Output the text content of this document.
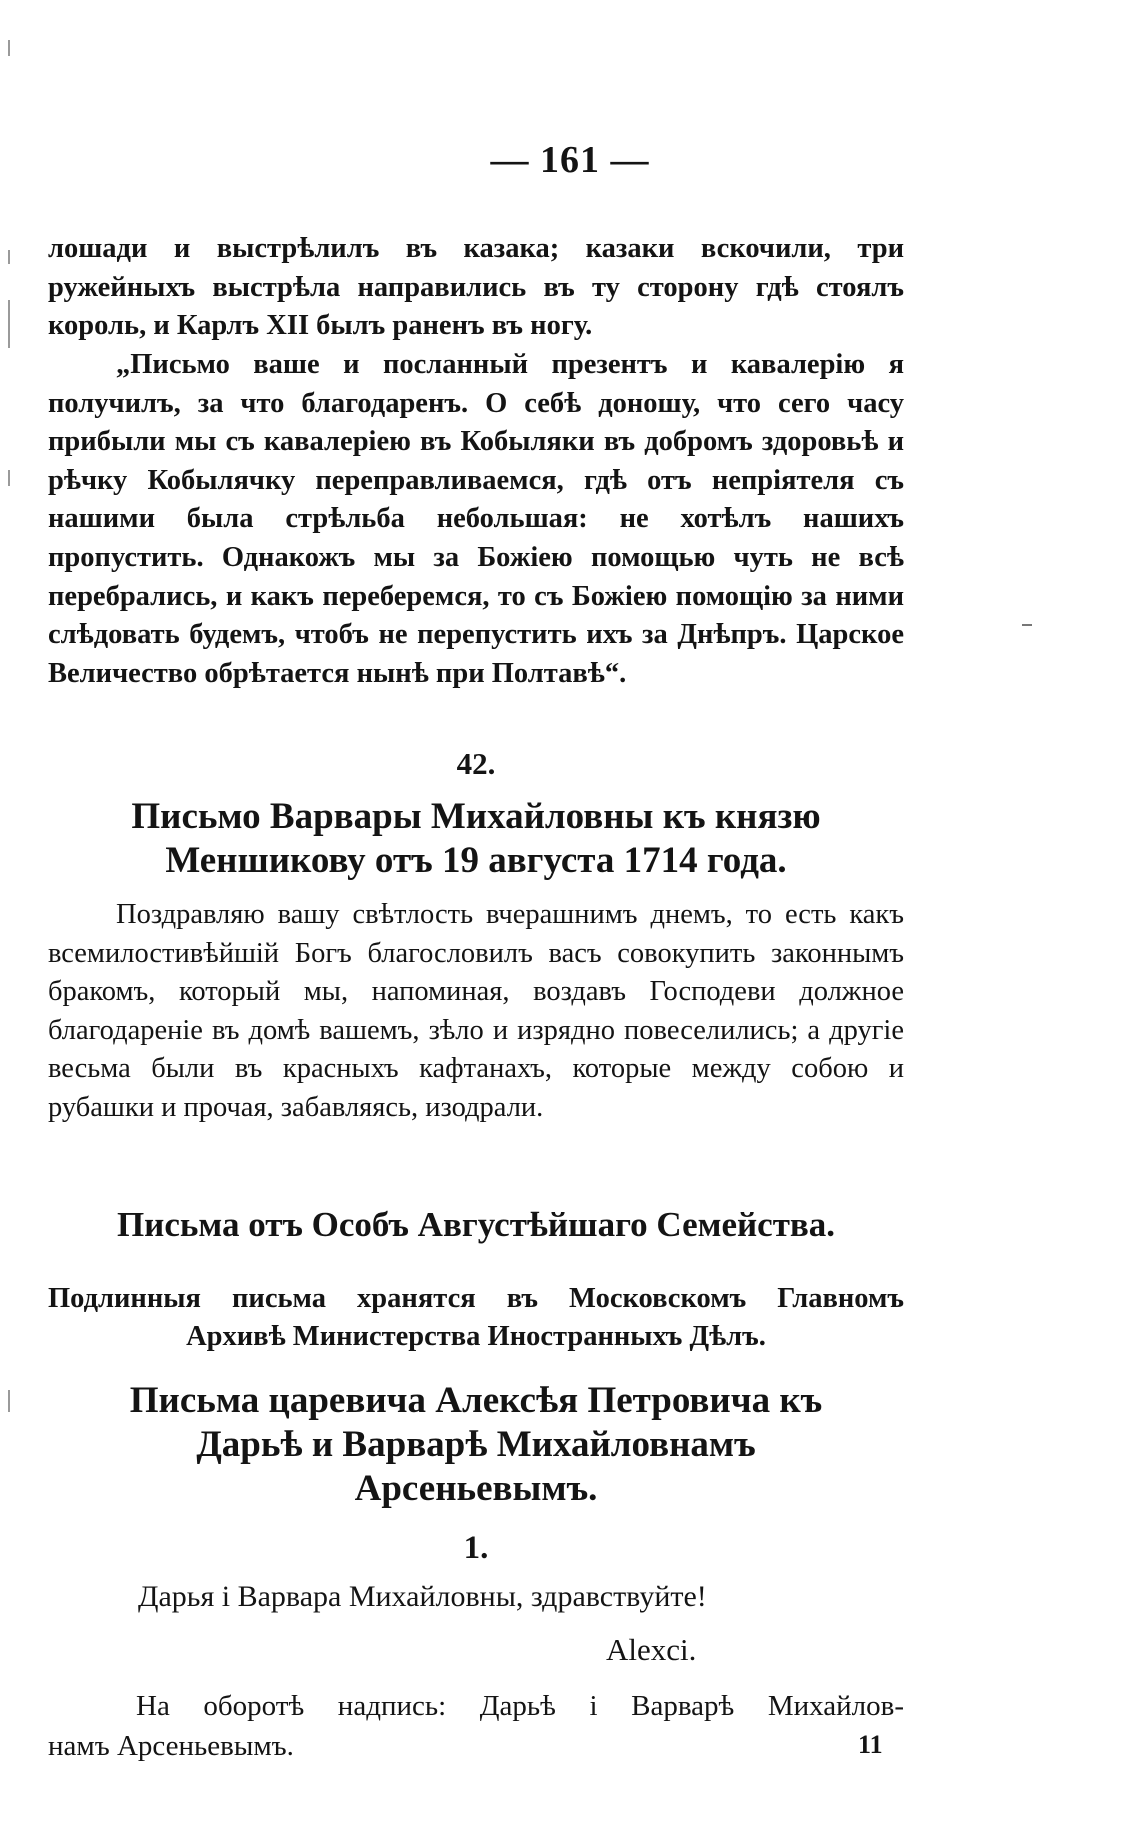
— 161 —

лошади и выстрѣлилъ въ казака; казаки вскочили, три ружейныхъ выстрѣла направились въ ту сторону гдѣ стоялъ король, и Карлъ XII былъ раненъ въ ногу.

„Письмо ваше и посланный презентъ и кавалерію я получилъ, за что благодаренъ. О себѣ доношу, что сего часу прибыли мы съ кавалеріею въ Кобыляки въ добромъ здоровьѣ и рѣчку Кобылячку переправливаемся, гдѣ отъ непріятеля съ нашими была стрѣльба небольшая: не хотѣлъ нашихъ пропустить. Однакожъ мы за Божіею помощью чуть не всѣ перебрались, и какъ переберемся, то съ Божіею помощію за ними слѣдовать будемъ, чтобъ не перепустить ихъ за Днѣпръ. Царское Величество обрѣтается нынѣ при Полтавѣ“.

42.
Письмо Варвары Михайловны къ князю
Меншикову отъ 19 августа 1714 года.

Поздравляю вашу свѣтлость вчерашнимъ днемъ, то есть какъ всемилостивѣйшій Богъ благословилъ васъ совокупить законнымъ бракомъ, который мы, напоминая, воздавъ Господеви должное благодареніе въ домѣ вашемъ, зѣло и изрядно повеселились; а другіе весьма были въ красныхъ кафтанахъ, которые между собою и рубашки и прочая, забавляясь, изодрали.

Письма отъ Особъ Августѣйшаго Семейства.
Подлинныя письма хранятся въ Московскомъ Главномъ
Архивѣ Министерства Иностранныхъ Дѣлъ.
Письма царевича Алексѣя Петровича къ
Дарьѣ и Варварѣ Михайловнамъ
Арсеньевымъ.
1.
Дарья і Варвара Михайловны, здравствуйте!
Alexci.
На оборотѣ надпись: Дарьѣ і Варварѣ Михайлов-
намъ Арсеньевымъ.	11
